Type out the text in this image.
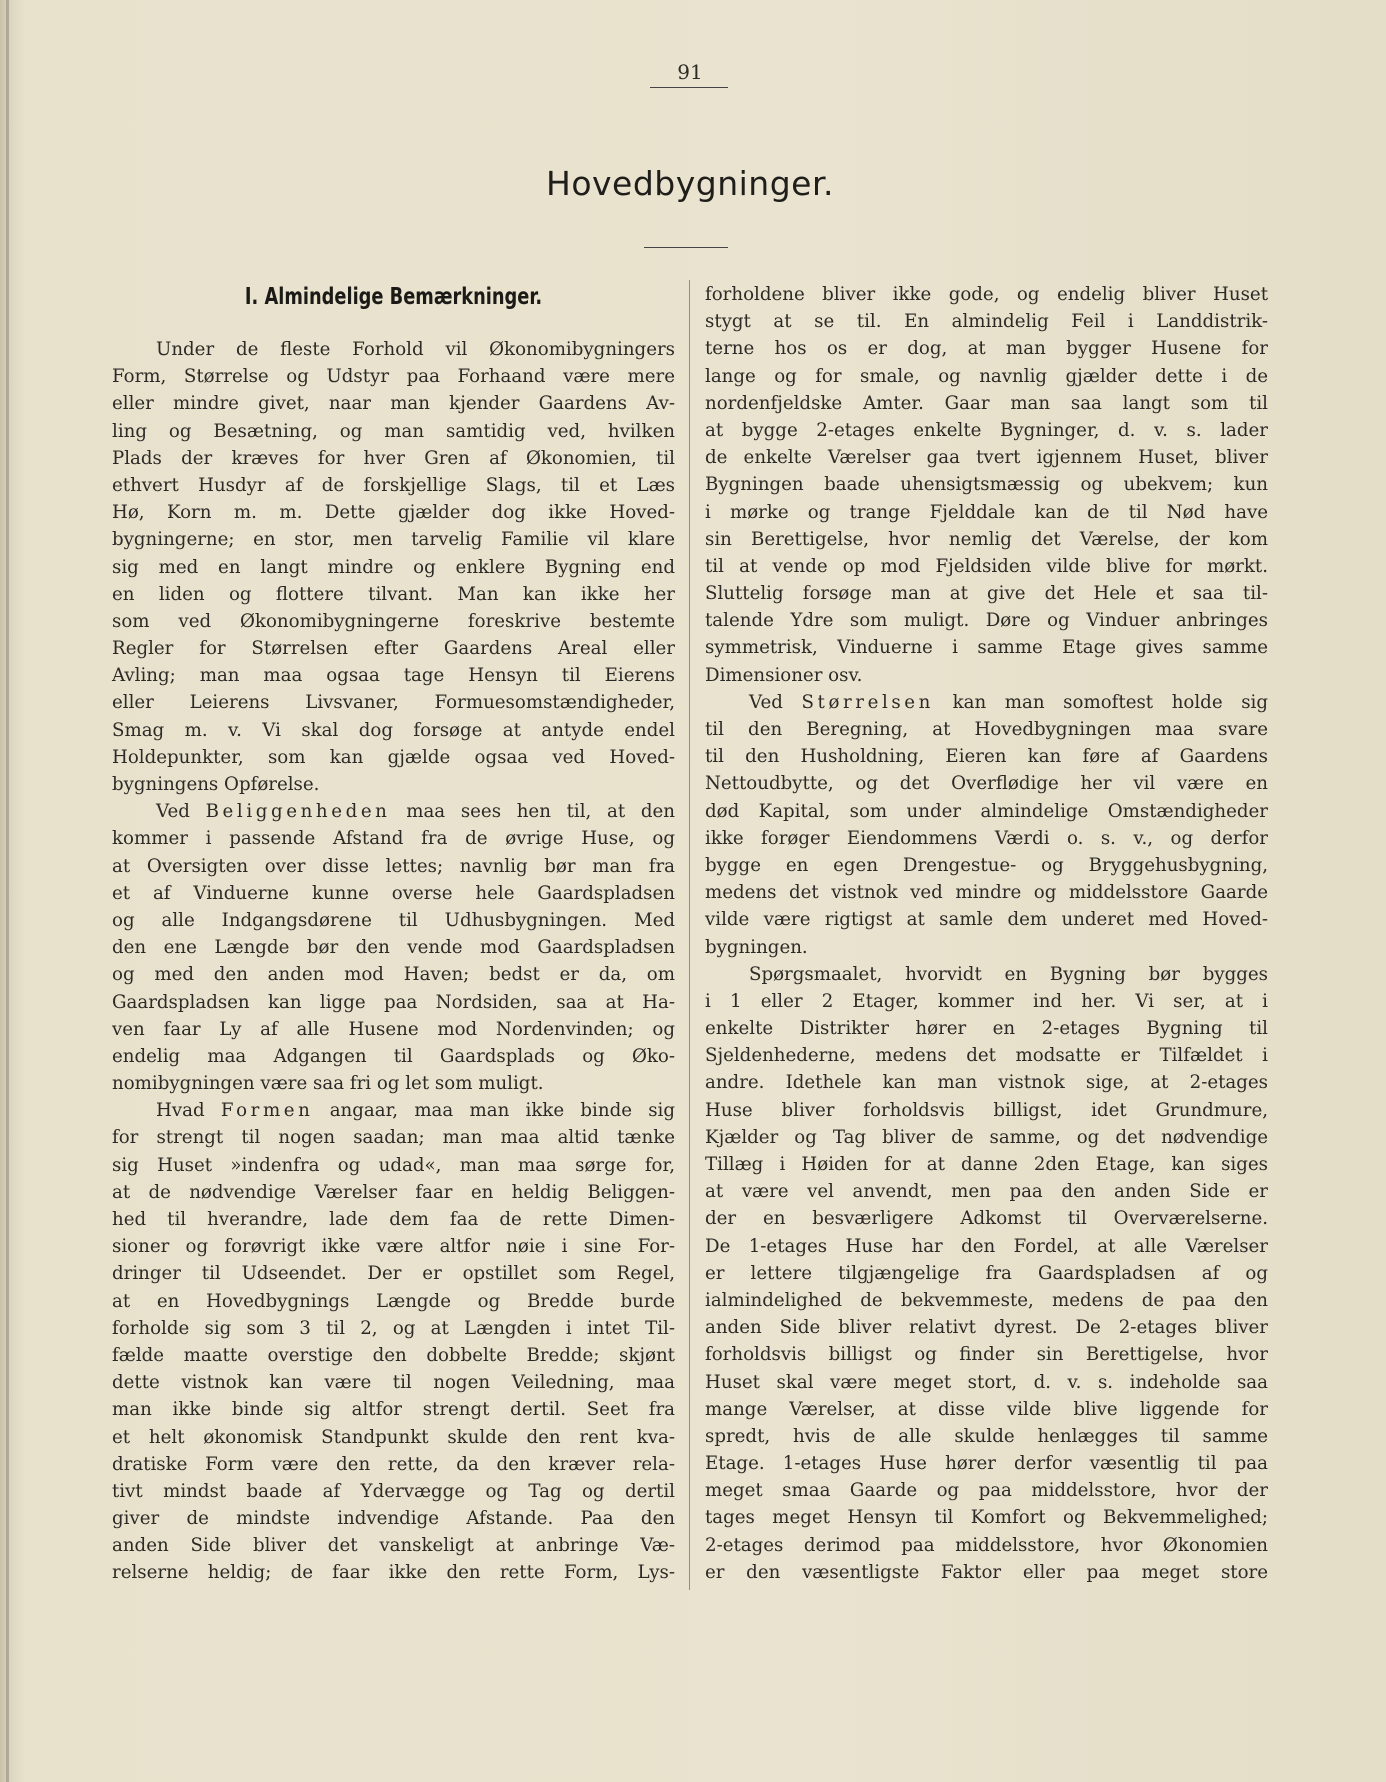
91
Hovedbygninger.
I. Almindelige Bemærkninger.
Under de fleste Forhold vil Økonomibygningers
Form, Størrelse og Udstyr paa Forhaand være mere
eller mindre givet, naar man kjender Gaardens Av-
ling og Besætning, og man samtidig ved, hvilken
Plads der kræves for hver Gren af Økonomien, til
ethvert Husdyr af de forskjellige Slags, til et Læs
Hø, Korn m. m. Dette gjælder dog ikke Hoved-
bygningerne; en stor, men tarvelig Familie vil klare
sig med en langt mindre og enklere Bygning end
en liden og flottere tilvant. Man kan ikke her
som ved Økonomibygningerne foreskrive bestemte
Regler for Størrelsen efter Gaardens Areal eller
Avling; man maa ogsaa tage Hensyn til Eierens
eller Leierens Livsvaner, Formuesomstændigheder,
Smag m. v. Vi skal dog forsøge at antyde endel
Holdepunkter, som kan gjælde ogsaa ved Hoved-
bygningens Opførelse.
Ved Beliggenheden maa sees hen til, at den
kommer i passende Afstand fra de øvrige Huse, og
at Oversigten over disse lettes; navnlig bør man fra
et af Vinduerne kunne overse hele Gaardspladsen
og alle Indgangsdørene til Udhusbygningen. Med
den ene Længde bør den vende mod Gaardspladsen
og med den anden mod Haven; bedst er da, om
Gaardspladsen kan ligge paa Nordsiden, saa at Ha-
ven faar Ly af alle Husene mod Nordenvinden; og
endelig maa Adgangen til Gaardsplads og Øko-
nomibygningen være saa fri og let som muligt.
Hvad Formen angaar, maa man ikke binde sig
for strengt til nogen saadan; man maa altid tænke
sig Huset »indenfra og udad«, man maa sørge for,
at de nødvendige Værelser faar en heldig Beliggen-
hed til hverandre, lade dem faa de rette Dimen-
sioner og forøvrigt ikke være altfor nøie i sine For-
dringer til Udseendet. Der er opstillet som Regel,
at en Hovedbygnings Længde og Bredde burde
forholde sig som 3 til 2, og at Længden i intet Til-
fælde maatte overstige den dobbelte Bredde; skjønt
dette vistnok kan være til nogen Veiledning, maa
man ikke binde sig altfor strengt dertil. Seet fra
et helt økonomisk Standpunkt skulde den rent kva-
dratiske Form være den rette, da den kræver rela-
tivt mindst baade af Ydervægge og Tag og dertil
giver de mindste indvendige Afstande. Paa den
anden Side bliver det vanskeligt at anbringe Væ-
relserne heldig; de faar ikke den rette Form, Lys-
forholdene bliver ikke gode, og endelig bliver Huset
stygt at se til. En almindelig Feil i Landdistrik-
terne hos os er dog, at man bygger Husene for
lange og for smale, og navnlig gjælder dette i de
nordenfjeldske Amter. Gaar man saa langt som til
at bygge 2-etages enkelte Bygninger, d. v. s. lader
de enkelte Værelser gaa tvert igjennem Huset, bliver
Bygningen baade uhensigtsmæssig og ubekvem; kun
i mørke og trange Fjelddale kan de til Nød have
sin Berettigelse, hvor nemlig det Værelse, der kom
til at vende op mod Fjeldsiden vilde blive for mørkt.
Sluttelig forsøge man at give det Hele et saa til-
talende Ydre som muligt. Døre og Vinduer anbringes
symmetrisk, Vinduerne i samme Etage gives samme
Dimensioner osv.
Ved Størrelsen kan man somoftest holde sig
til den Beregning, at Hovedbygningen maa svare
til den Husholdning, Eieren kan føre af Gaardens
Nettoudbytte, og det Overflødige her vil være en
død Kapital, som under almindelige Omstændigheder
ikke forøger Eiendommens Værdi o. s. v., og derfor
bygge en egen Drengestue- og Bryggehusbygning,
medens det vistnok ved mindre og middelsstore Gaarde
vilde være rigtigst at samle dem underet med Hoved-
bygningen.
Spørgsmaalet, hvorvidt en Bygning bør bygges
i 1 eller 2 Etager, kommer ind her. Vi ser, at i
enkelte Distrikter hører en 2-etages Bygning til
Sjeldenhederne, medens det modsatte er Tilfældet i
andre. Idethele kan man vistnok sige, at 2-etages
Huse bliver forholdsvis billigst, idet Grundmure,
Kjælder og Tag bliver de samme, og det nødvendige
Tillæg i Høiden for at danne 2den Etage, kan siges
at være vel anvendt, men paa den anden Side er
der en besværligere Adkomst til Overværelserne.
De 1-etages Huse har den Fordel, at alle Værelser
er lettere tilgjængelige fra Gaardspladsen af og
ialmindelighed de bekvemmeste, medens de paa den
anden Side bliver relativt dyrest. De 2-etages bliver
forholdsvis billigst og finder sin Berettigelse, hvor
Huset skal være meget stort, d. v. s. indeholde saa
mange Værelser, at disse vilde blive liggende for
spredt, hvis de alle skulde henlægges til samme
Etage. 1-etages Huse hører derfor væsentlig til paa
meget smaa Gaarde og paa middelsstore, hvor der
tages meget Hensyn til Komfort og Bekvemmelighed;
2-etages derimod paa middelsstore, hvor Økonomien
er den væsentligste Faktor eller paa meget store
